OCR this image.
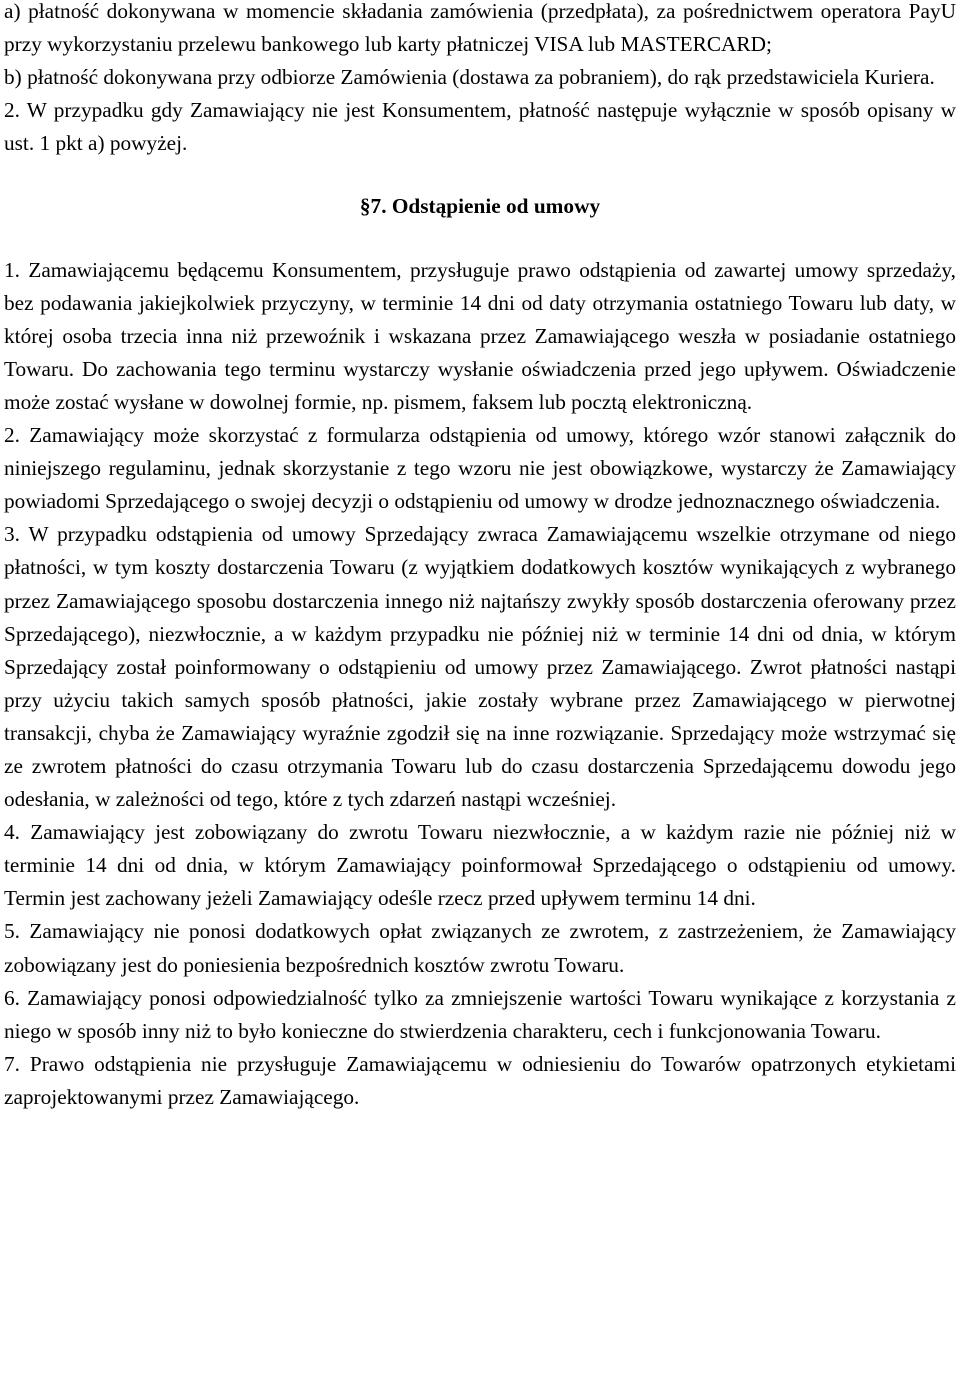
a) płatność dokonywana w momencie składania zamówienia (przedpłata), za pośrednictwem operatora PayU przy wykorzystaniu przelewu bankowego lub karty płatniczej VISA lub MASTERCARD;

b) płatność dokonywana przy odbiorze Zamówienia (dostawa za pobraniem), do rąk przedstawiciela Kuriera.

2. W przypadku gdy Zamawiający nie jest Konsumentem, płatność następuje wyłącznie w sposób opisany w ust. 1 pkt a) powyżej.

§7. Odstąpienie od umowy

1. Zamawiającemu będącemu Konsumentem, przysługuje prawo odstąpienia od zawartej umowy sprzedaży, bez podawania jakiejkolwiek przyczyny, w terminie 14 dni od daty otrzymania ostatniego Towaru lub daty, w której osoba trzecia inna niż przewoźnik i wskazana przez Zamawiającego weszła w posiadanie ostatniego Towaru. Do zachowania tego terminu wystarczy wysłanie oświadczenia przed jego upływem. Oświadczenie może zostać wysłane w dowolnej formie, np. pismem, faksem lub pocztą elektroniczną.

2. Zamawiający może skorzystać z formularza odstąpienia od umowy, którego wzór stanowi załącznik do niniejszego regulaminu, jednak skorzystanie z tego wzoru nie jest obowiązkowe, wystarczy że Zamawiający powiadomi Sprzedającego o swojej decyzji o odstąpieniu od umowy w drodze jednoznacznego oświadczenia.

3. W przypadku odstąpienia od umowy Sprzedający zwraca Zamawiającemu wszelkie otrzymane od niego płatności, w tym koszty dostarczenia Towaru (z wyjątkiem dodatkowych kosztów wynikających z wybranego przez Zamawiającego sposobu dostarczenia innego niż najtańszy zwykły sposób dostarczenia oferowany przez Sprzedającego), niezwłocznie, a w każdym przypadku nie później niż w terminie 14 dni od dnia, w którym Sprzedający został poinformowany o odstąpieniu od umowy przez Zamawiającego. Zwrot płatności nastąpi przy użyciu takich samych sposób płatności, jakie zostały wybrane przez Zamawiającego w pierwotnej transakcji, chyba że Zamawiający wyraźnie zgodził się na inne rozwiązanie. Sprzedający może wstrzymać się ze zwrotem płatności do czasu otrzymania Towaru lub do czasu dostarczenia Sprzedającemu dowodu jego odesłania, w zależności od tego, które z tych zdarzeń nastąpi wcześniej.

4. Zamawiający jest zobowiązany do zwrotu Towaru niezwłocznie, a w każdym razie nie później niż w terminie 14 dni od dnia, w którym Zamawiający poinformował Sprzedającego o odstąpieniu od umowy. Termin jest zachowany jeżeli Zamawiający odeśle rzecz przed upływem terminu 14 dni.

5. Zamawiający nie ponosi dodatkowych opłat związanych ze zwrotem, z zastrzeżeniem, że Zamawiający zobowiązany jest do poniesienia bezpośrednich kosztów zwrotu Towaru.

6. Zamawiający ponosi odpowiedzialność tylko za zmniejszenie wartości Towaru wynikające z korzystania z niego w sposób inny niż to było konieczne do stwierdzenia charakteru, cech i funkcjonowania Towaru.

7. Prawo odstąpienia nie przysługuje Zamawiającemu w odniesieniu do Towarów opatrzonych etykietami zaprojektowanymi przez Zamawiającego.
